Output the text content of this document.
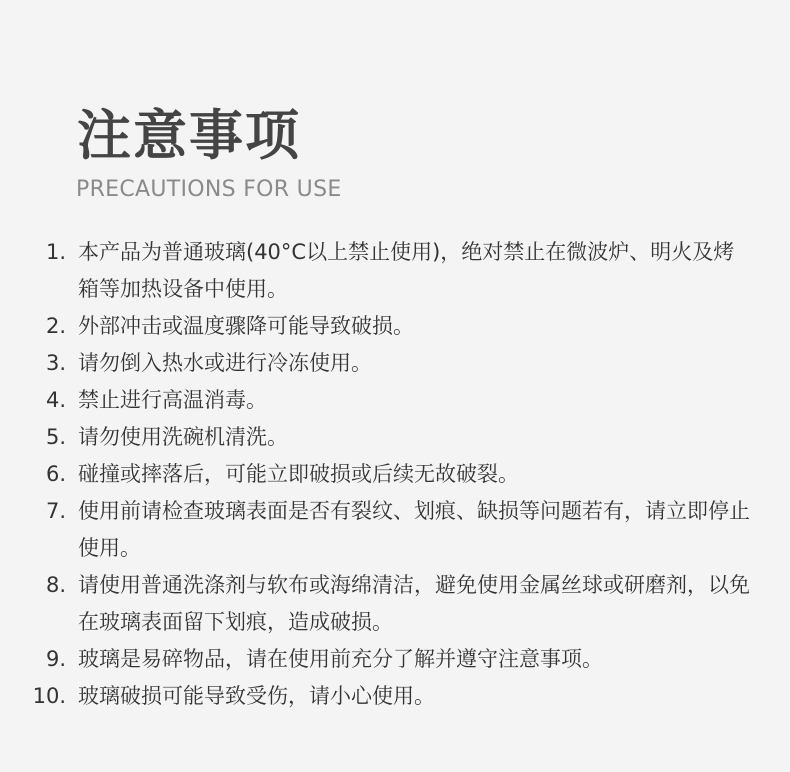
注意事项
PRECAUTIONS FOR USE
1. 本产品为普通玻璃(40°C以上禁止使用)，绝对禁止在微波炉、明火及烤箱等加热设备中使用。
2. 外部冲击或温度骤降可能导致破损。
3. 请勿倒入热水或进行冷冻使用。
4. 禁止进行高温消毒。
5. 请勿使用洗碗机清洗。
6. 碰撞或摔落后，可能立即破损或后续无故破裂。
7. 使用前请检查玻璃表面是否有裂纹、划痕、缺损等问题若有，请立即停止使用。
8. 请使用普通洗涤剂与软布或海绵清洁，避免使用金属丝球或研磨剂，以免在玻璃表面留下划痕，造成破损。
9. 玻璃是易碎物品，请在使用前充分了解并遵守注意事项。
10. 玻璃破损可能导致受伤，请小心使用。
